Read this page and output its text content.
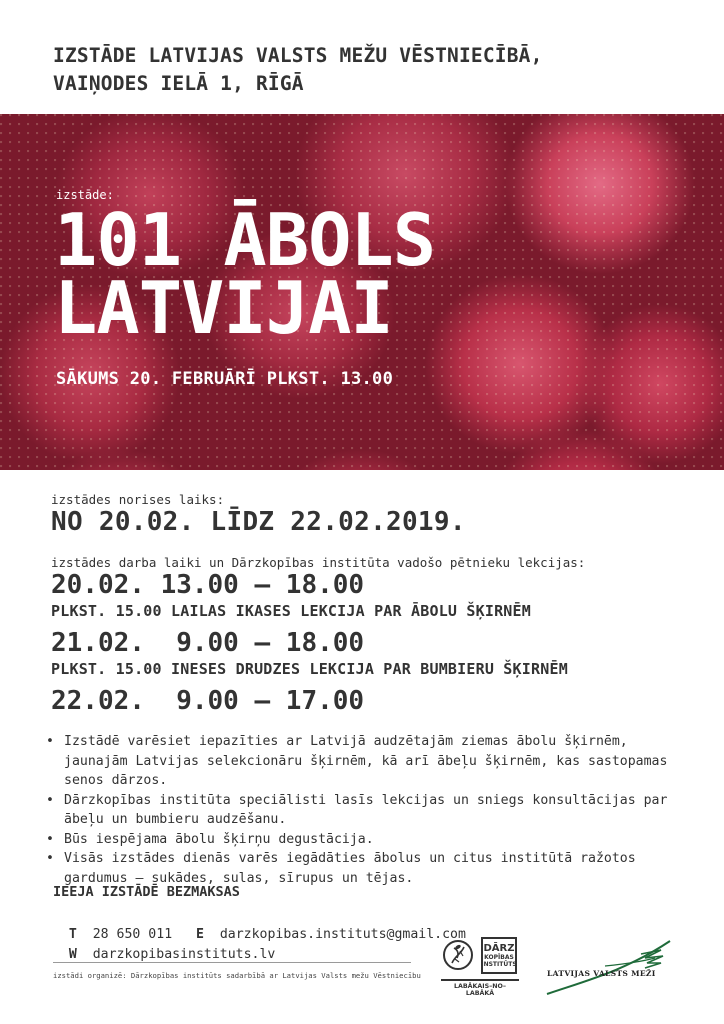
IZSTĀDE LATVIJAS VALSTS MEŽU VĒSTNIECĪBĀ,
VAIŅODES IELĀ 1, RĪGĀ
izstāde:
101 ĀBOLS
LATVIJAI
SĀKUMS 20. FEBRUĀRĪ PLKST. 13.00
izstādes norises laiks:
NO 20.02. LĪDZ 22.02.2019.
izstādes darba laiki un Dārzkopības institūta vadošo pētnieku lekcijas:
20.02. 13.00 – 18.00
PLKST. 15.00 LAILAS IKASES LEKCIJA PAR ĀBOLU ŠĶIRNĒM
21.02.  9.00 – 18.00
PLKST. 15.00 INESES DRUDZES LEKCIJA PAR BUMBIERU ŠĶIRNĒM
22.02.  9.00 – 17.00
• Izstādē varēsiet iepazīties ar Latvijā audzētajām ziemas ābolu šķirnēm, jaunajām Latvijas selekcionāru šķirnēm, kā arī ābeļu šķirnēm, kas sastopamas senos dārzos.
• Dārzkopības institūta speciālisti lasīs lekcijas un sniegs konsultācijas par ābeļu un bumbieru audzēšanu.
• Būs iespējama ābolu šķirņu degustācija.
• Visās izstādes dienās varēs iegādāties ābolus un citus institūtā ražotos gardumus – sukādes, sulas, sīrupus un tējas.
IEEJA IZSTĀDĒ BEZMAKSAS

T 28 650 011 E darzkopibas.instituts@gmail.com

W darzkopibasinstituts.lv

izstādi organizē: Dārzkopības institūts sadarbībā ar Latvijas Valsts mežu Vēstniecību
DĀRZ
KOPĪBAS
INSTITŪTS
LABĀKAIS–NO–LABĀKĀ
LATVIJAS VALSTS MEŽI
